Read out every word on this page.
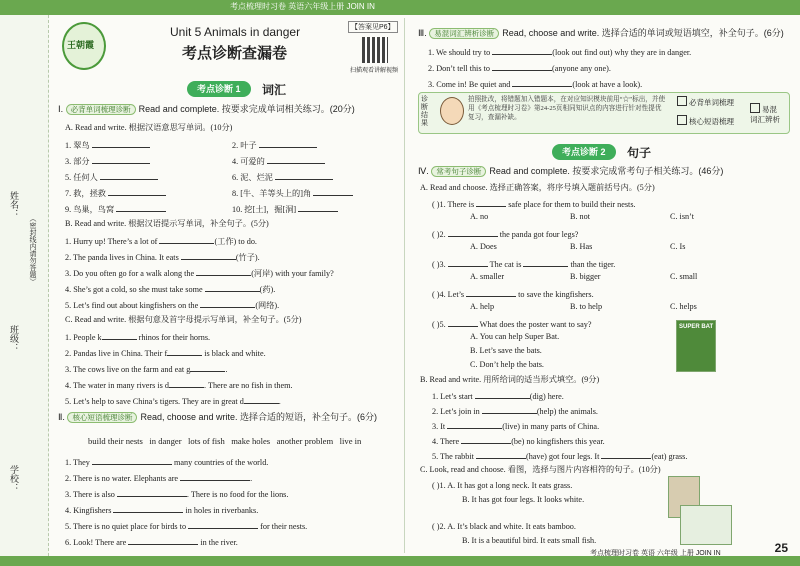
考点梳理时习卷 英语六年级上册 JOIN IN
姓名：
（密封线内请勿答题）
班级：
学校：
王朝霞
Unit 5 Animals in danger
考点诊断查漏卷
【答案见P6】
扫描观看讲解视频
考点诊断 1	词汇
Ⅰ. 必背单词梳理诊断 Read and complete. 按要求完成单词相关练习。(20分)
A. Read and write. 根据汉语意思写单词。(10分)
1. 翠鸟	2. 叶子
3. 部分	4. 可爱的
5. 任何人	6. 泥、烂泥
7. 救，拯救	8. [牛、羊等头上的]角
9. 鸟巢，鸟窝	10. 挖[土]，掘[洞]
B. Read and write. 根据汉语提示写单词，补全句子。(5分)
1. Hurry up! There’s a lot of	(工作) to do.
2. The panda lives in China. It eats	(竹子).
3. Do you often go for a walk along the	(河岸) with your family?
4. She’s got a cold, so she must take some	(药).
5. Let’s find out about kingfishers on the	(网络).
C. Read and write. 根据句意及首字母提示写单词，补全句子。(5分)
1. People k	rhinos for their horns.
2. Pandas live in China. Their f	is black and white.
3. The cows live on the farm and eat g	.
4. The water in many rivers is d	. There are no fish in them.
5. Let’s help to save China’s tigers. They are in great d	.
Ⅱ. 核心短语梳理诊断 Read, choose and write. 选择合适的短语，补全句子。(6分)
build their nests in danger lots of fish make holes another problem live in
1. They	many countries of the world.
2. There is no water. Elephants are	.
3. There is also	. There is no food for the lions.
4. Kingfishers	in holes in riverbanks.
5. There is no quiet place for birds to	for their nests.
6. Look! There are	in the river.
Ⅲ. 易混词汇辨析诊断 Read, choose and write. 选择合适的单词或短语填空，补全句子。(6分)
1. We should try to	(look out find out) why they are in danger.
2. Don’t tell this to	(anyone any one).
3. Come in! Be quiet and	(look at have a look).
诊断结果
拍照批改，将错题加入错题本，在对应知识模块前用“☆”标出，并使用《考点梳理时习卷》第24-25页相同知识点的内容进行针对性提优复习，查漏补缺。
必背单词梳理
核心短语梳理
易混词汇辨析
考点诊断 2	句子
Ⅳ. 常考句子诊断 Read and complete. 按要求完成常考句子相关练习。(46分)
A. Read and choose. 选择正确答案，将序号填入题前括号内。(5分)
( )1. There is	safe place for them to build their nests.
A. no	B. not	C. isn’t
( )2.	the panda got four legs?
A. Does	B. Has	C. Is
( )3.	The cat is	than the tiger.
A. smaller	B. bigger	C. small
( )4. Let’s	to save the kingfishers.
A. help	B. to help	C. helps
( )5.	What does the poster want to say?
A. You can help Super Bat.
B. Let’s save the bats.
C. Don’t help the bats.
SUPER BAT
B. Read and write. 用所给词的适当形式填空。(9分)
1. Let’s start	(dig) here.
2. Let’s join in	(help) the animals.
3. It	(live) in many parts of China.
4. There	(be) no kingfishers this year.
5. The rabbit	(have) got four legs. It	(eat) grass.
C. Look, read and choose. 看图，选择与图片内容相符的句子。(10分)
( )1. A. It has got a long neck. It eats grass.
B. It has got four legs. It looks white.
( )2. A. It’s black and white. It eats bamboo.
B. It is a beautiful bird. It eats small fish.
考点梳理时习卷 英语 六年级 上册 JOIN IN	25
